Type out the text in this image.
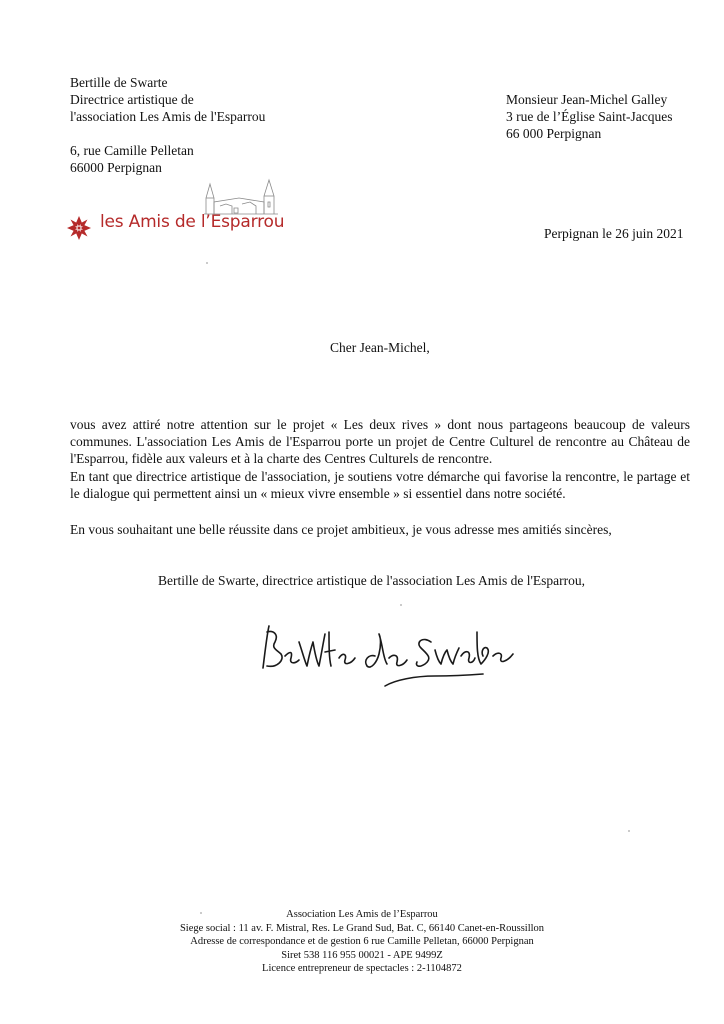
Bertille de Swarte
Directrice artistique de
l'association Les Amis de l'Esparrou
6, rue Camille Pelletan
66000 Perpignan
Monsieur Jean-Michel Galley
3 rue de l’Église Saint-Jacques
66 000 Perpignan
les Amis de l’Esparrou
Perpignan le 26 juin 2021
Cher Jean-Michel,

vous avez attiré notre attention sur le projet « Les deux rives » dont nous partageons beaucoup de valeurs communes. L'association Les Amis de l'Esparrou porte un projet de Centre Culturel de rencontre au Château de l'Esparrou, fidèle aux valeurs et à la charte des Centres Culturels de rencontre.

En tant que directrice artistique de l'association, je soutiens votre démarche qui favorise la rencontre, le partage et le dialogue qui permettent ainsi un « mieux vivre ensemble » si essentiel dans notre société.

En vous souhaitant une belle réussite dans ce projet ambitieux, je vous adresse mes amitiés sincères,
Bertille de Swarte, directrice artistique de l'association Les Amis de l'Esparrou,
Association Les Amis de l’Esparrou
Siege social : 11 av. F. Mistral, Res. Le Grand Sud, Bat. C, 66140 Canet-en-Roussillon
Adresse de correspondance et de gestion 6 rue Camille Pelletan, 66000 Perpignan
Siret 538 116 955 00021 - APE 9499Z
Licence entrepreneur de spectacles : 2-1104872
